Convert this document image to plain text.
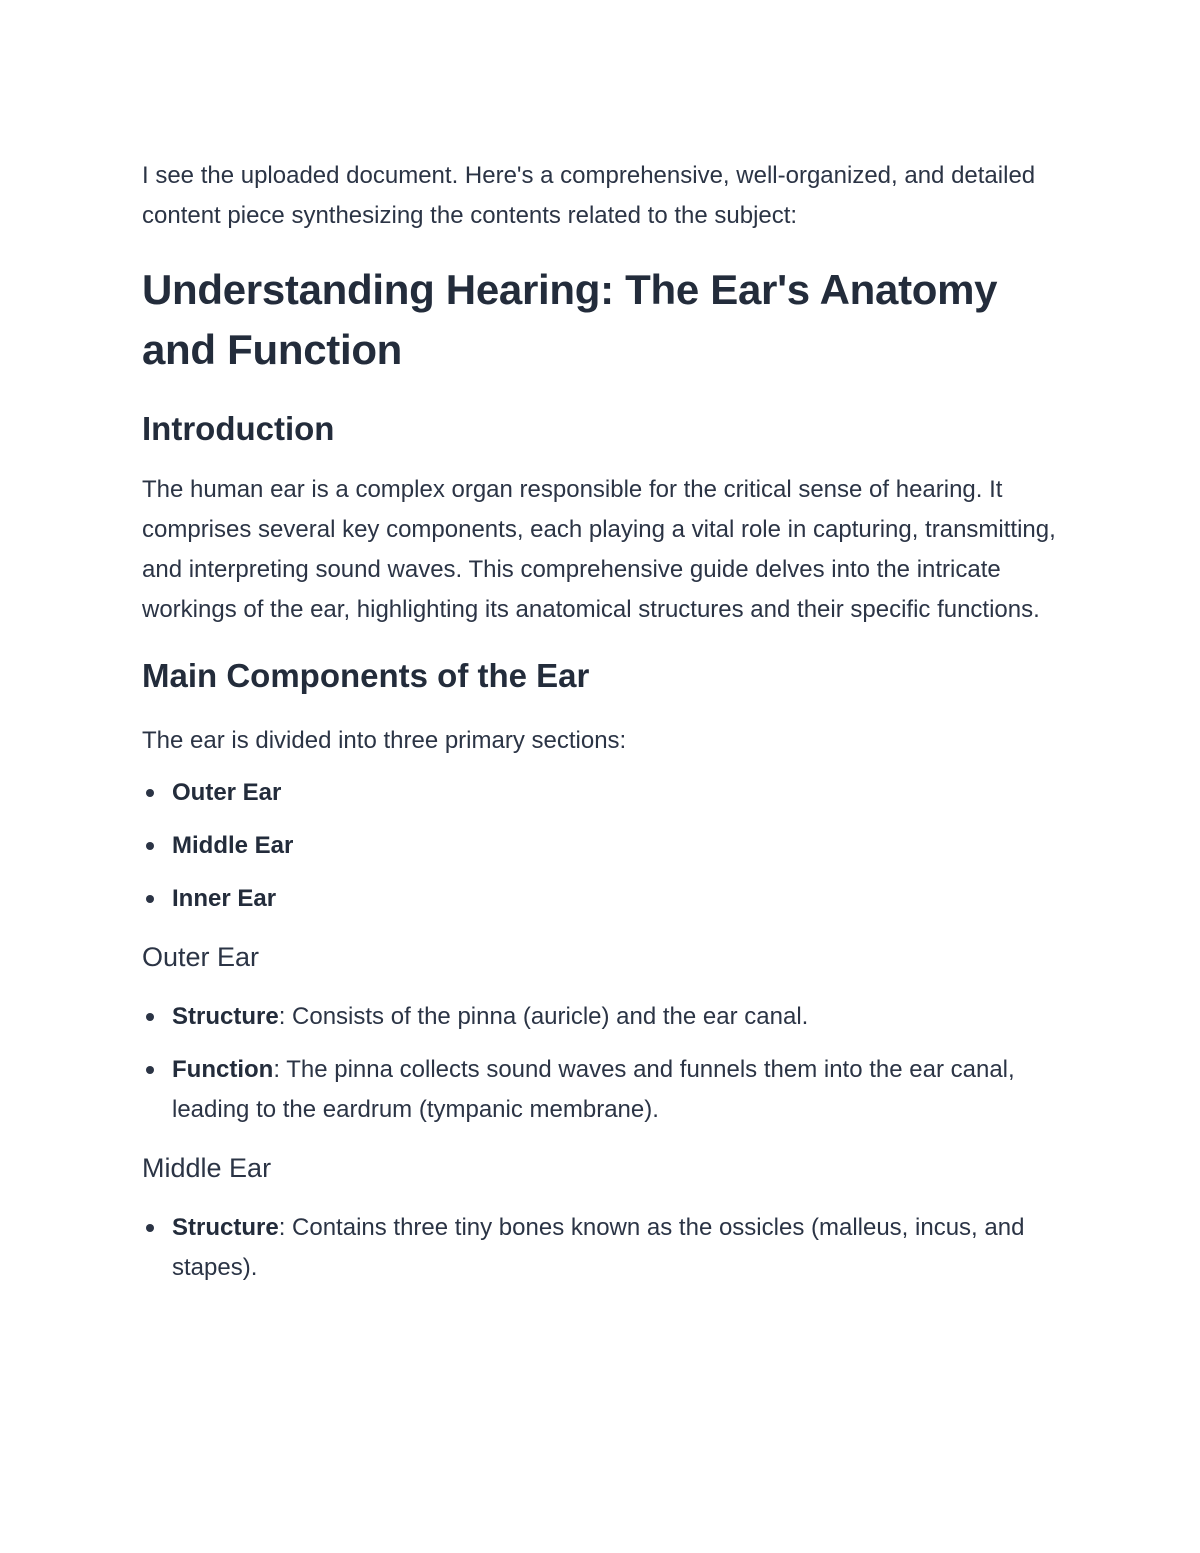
I see the uploaded document. Here's a comprehensive, well-organized, and detailed content piece synthesizing the contents related to the subject:

Understanding Hearing: The Ear's Anatomy and Function
Introduction

The human ear is a complex organ responsible for the critical sense of hearing. It comprises several key components, each playing a vital role in capturing, transmitting, and interpreting sound waves. This comprehensive guide delves into the intricate workings of the ear, highlighting its anatomical structures and their specific functions.

Main Components of the Ear

The ear is divided into three primary sections:

Outer Ear
Middle Ear
Inner Ear
Outer Ear
Structure: Consists of the pinna (auricle) and the ear canal.
Function: The pinna collects sound waves and funnels them into the ear canal, leading to the eardrum (tympanic membrane).
Middle Ear
Structure: Contains three tiny bones known as the ossicles (malleus, incus, and stapes).
